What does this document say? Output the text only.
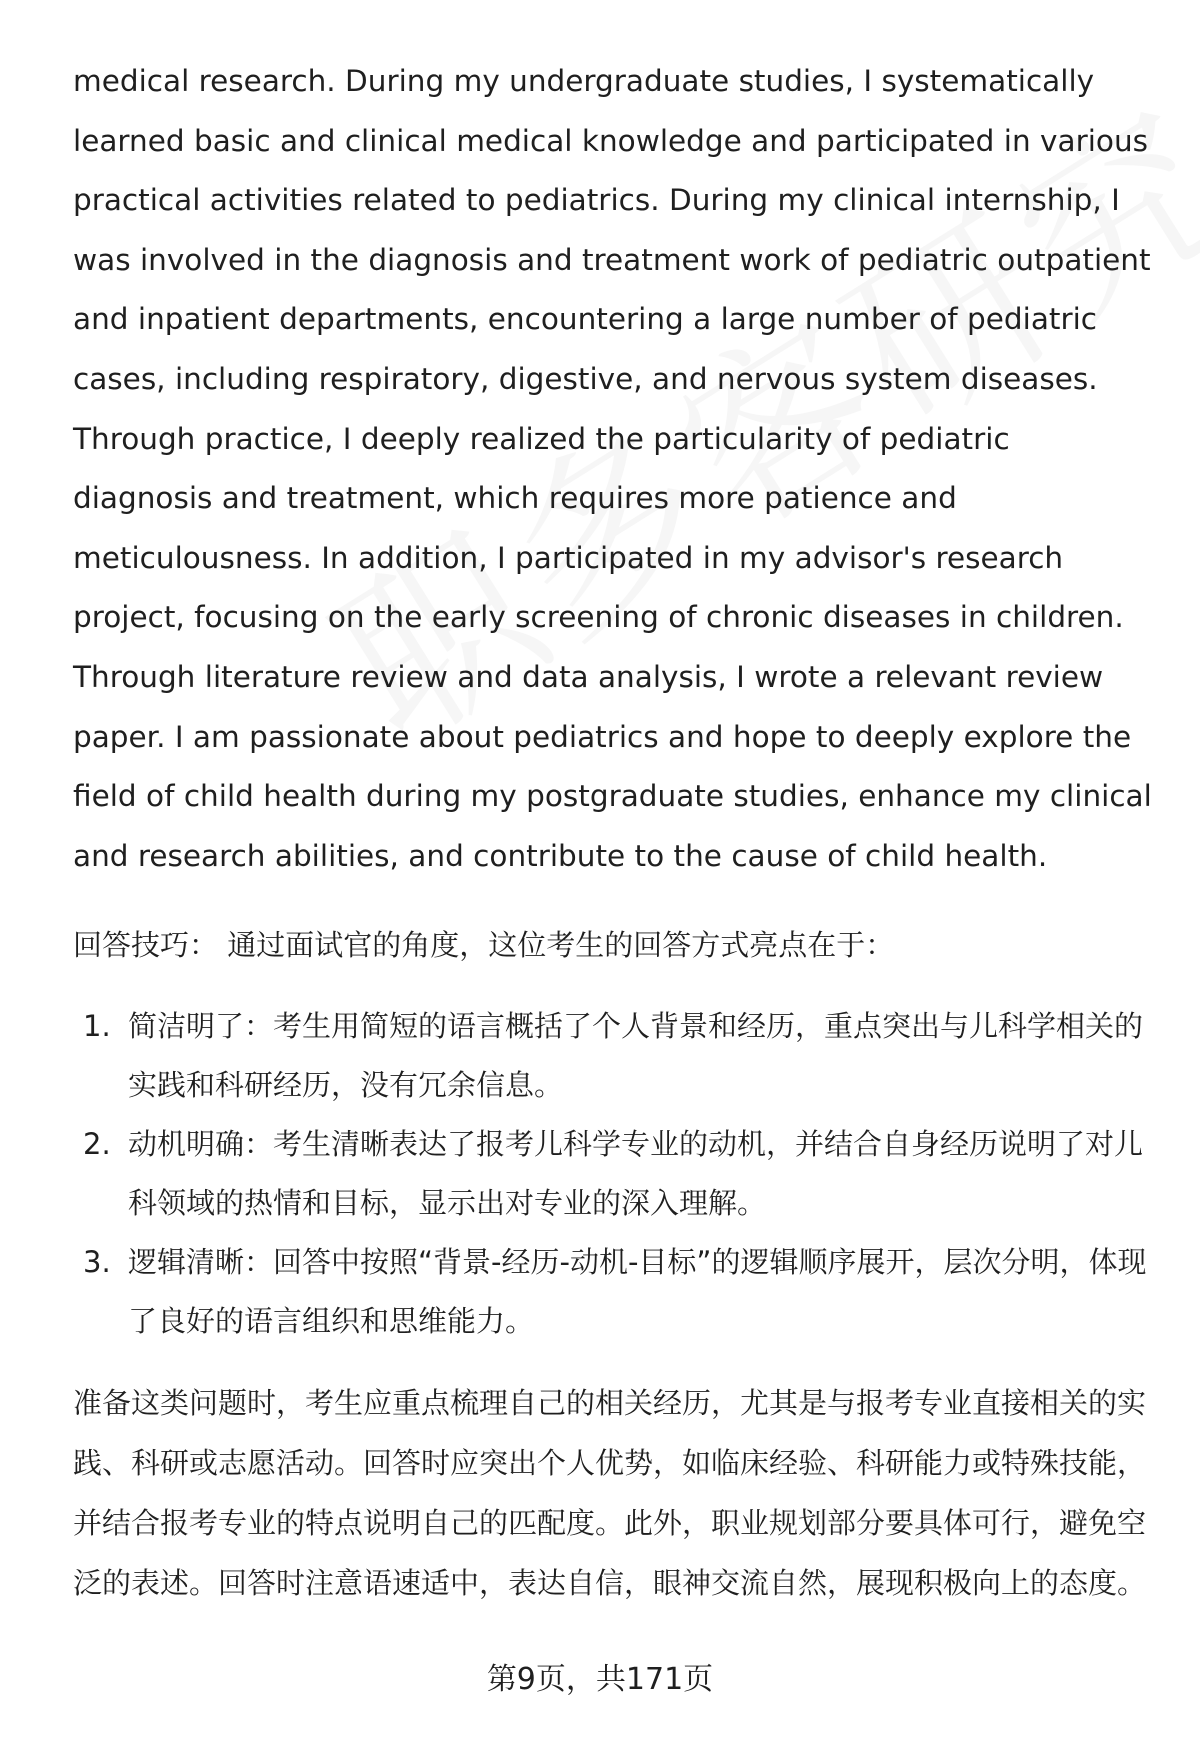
medical research. During my undergraduate studies, I systematically learned basic and clinical medical knowledge and participated in various practical activities related to pediatrics. During my clinical internship, I was involved in the diagnosis and treatment work of pediatric outpatient and inpatient departments, encountering a large number of pediatric cases, including respiratory, digestive, and nervous system diseases. Through practice, I deeply realized the particularity of pediatric diagnosis and treatment, which requires more patience and meticulousness. In addition, I participated in my advisor's research project, focusing on the early screening of chronic diseases in children. Through literature review and data analysis, I wrote a relevant review paper. I am passionate about pediatrics and hope to deeply explore the field of child health during my postgraduate studies, enhance my clinical and research abilities, and contribute to the cause of child health.

回答技巧： 通过面试官的角度，这位考生的回答方式亮点在于：

1. 简洁明了：考生用简短的语言概括了个人背景和经历，重点突出与儿科学相关的实践和科研经历，没有冗余信息。
2. 动机明确：考生清晰表达了报考儿科学专业的动机，并结合自身经历说明了对儿科领域的热情和目标，显示出对专业的深入理解。
3. 逻辑清晰：回答中按照“背景-经历-动机-目标”的逻辑顺序展开，层次分明，体现了良好的语言组织和思维能力。

准备这类问题时，考生应重点梳理自己的相关经历，尤其是与报考专业直接相关的实践、科研或志愿活动。回答时应突出个人优势，如临床经验、科研能力或特殊技能，并结合报考专业的特点说明自己的匹配度。此外，职业规划部分要具体可行，避免空泛的表述。回答时注意语速适中，表达自信，眼神交流自然，展现积极向上的态度。

第9页，共171页
